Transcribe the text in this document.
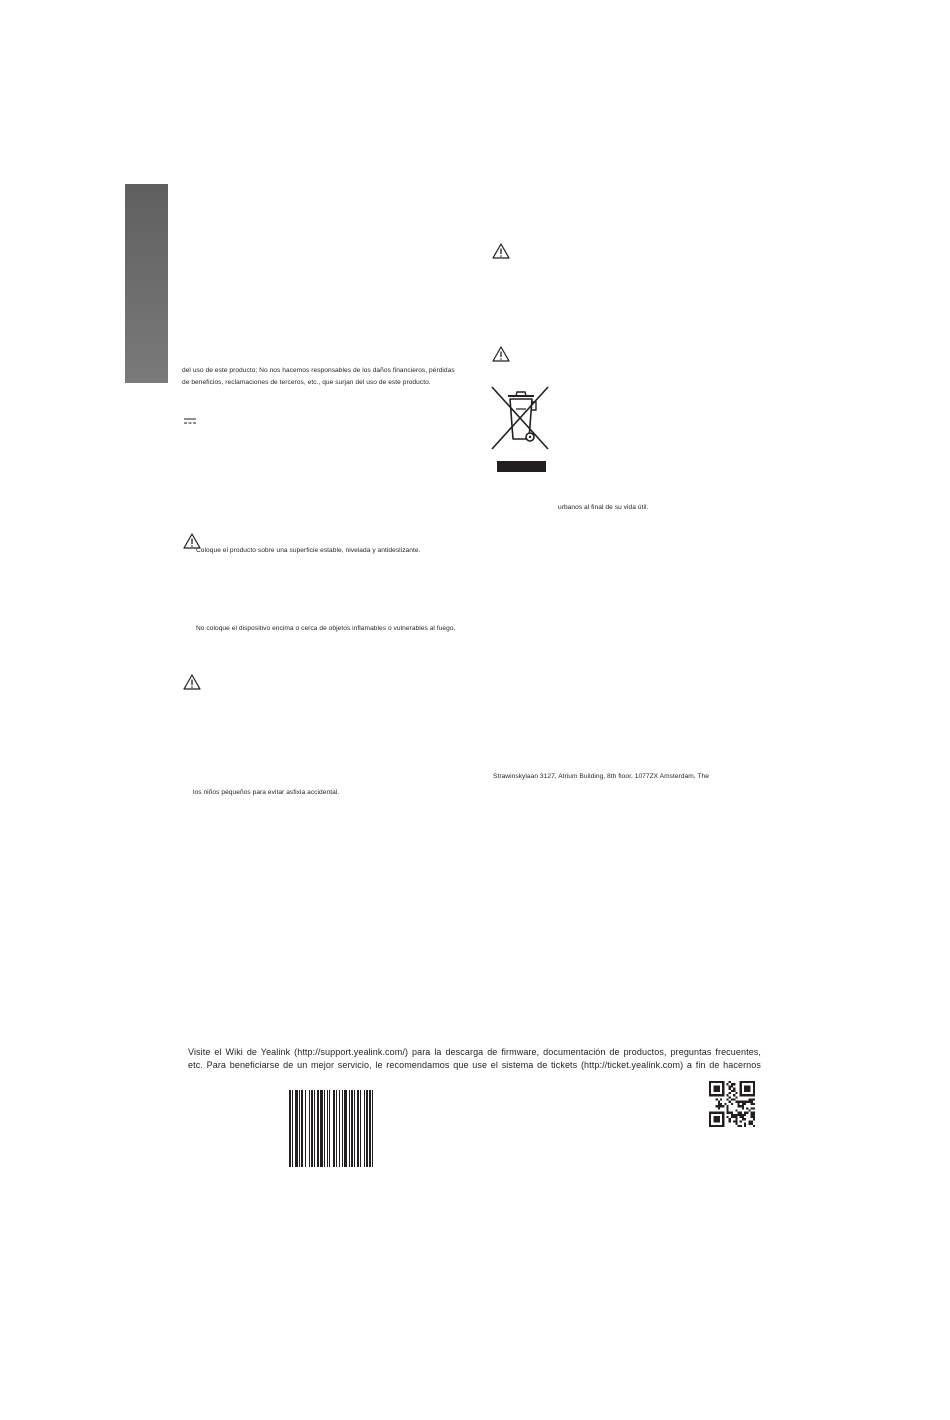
del uso de este producto; No nos hacemos responsables de los daños financieros, pérdidas
de beneficios, reclamaciones de terceros, etc., que surjan del uso de este producto.
Coloque el producto sobre una superficie estable, nivelada y antideslizante.
No coloque el dispositivo encima o cerca de objetos inflamables o vulnerables al fuego,
los niños pequeños para evitar asfixia accidental.
urbanos al final de su vida útil.
Strawinskylaan 3127, Atrium Building, 8th floor, 1077ZX Amsterdam, The

Visite el Wiki de Yealink (http://support.yealink.com/) para la descarga de firmware, documentación de productos, preguntas frecuentes,

etc. Para beneficiarse de un mejor servicio, le recomendamos que use el sistema de tickets (http://ticket.yealink.com) a fin de hacernos
